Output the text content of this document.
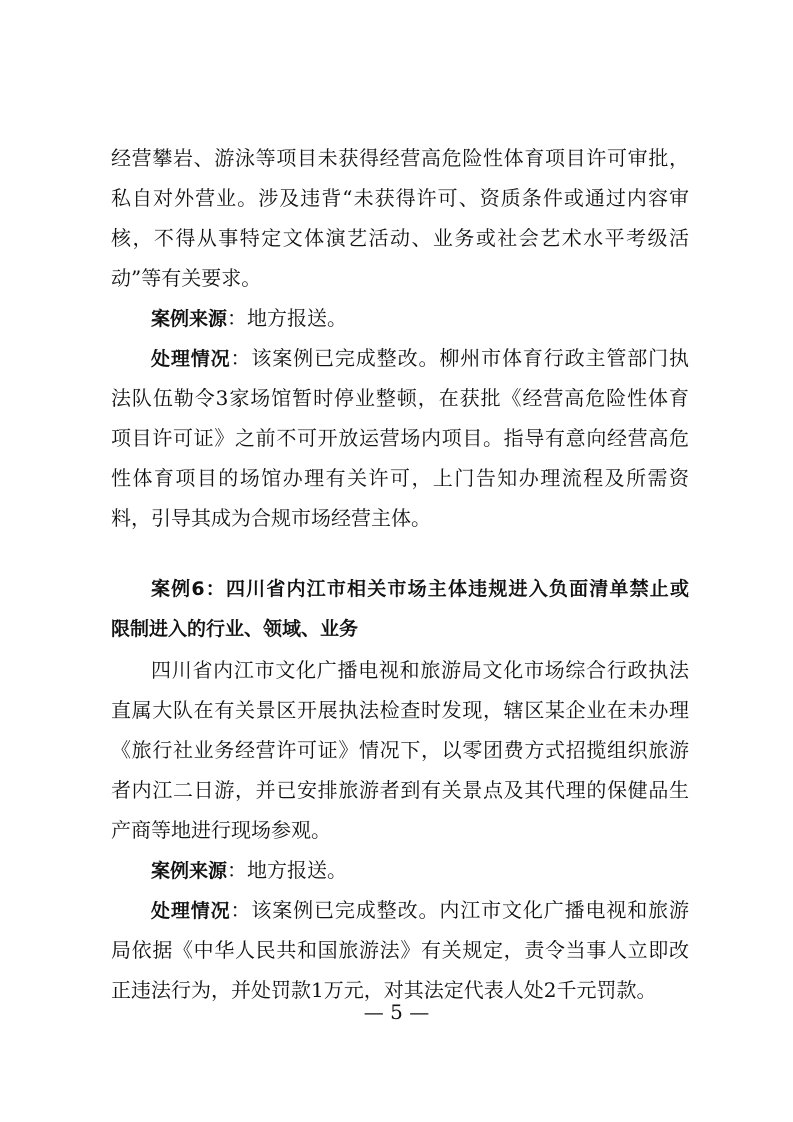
经营攀岩、游泳等项目未获得经营高危险性体育项目许可审批，
私自对外营业。涉及违背“未获得许可、资质条件或通过内容审
核，不得从事特定文体演艺活动、业务或社会艺术水平考级活
动”等有关要求。
案例来源：地方报送。
处理情况：该案例已完成整改。柳州市体育行政主管部门执
法队伍勒令3家场馆暂时停业整顿，在获批《经营高危险性体育
项目许可证》之前不可开放运营场内项目。指导有意向经营高危
性体育项目的场馆办理有关许可，上门告知办理流程及所需资
料，引导其成为合规市场经营主体。
案例6：四川省内江市相关市场主体违规进入负面清单禁止或
限制进入的行业、领域、业务
四川省内江市文化广播电视和旅游局文化市场综合行政执法
直属大队在有关景区开展执法检查时发现，辖区某企业在未办理
《旅行社业务经营许可证》情况下，以零团费方式招揽组织旅游
者内江二日游，并已安排旅游者到有关景点及其代理的保健品生
产商等地进行现场参观。
案例来源：地方报送。
处理情况：该案例已完成整改。内江市文化广播电视和旅游
局依据《中华人民共和国旅游法》有关规定，责令当事人立即改
正违法行为，并处罚款1万元，对其法定代表人处2千元罚款。
— 5 —
